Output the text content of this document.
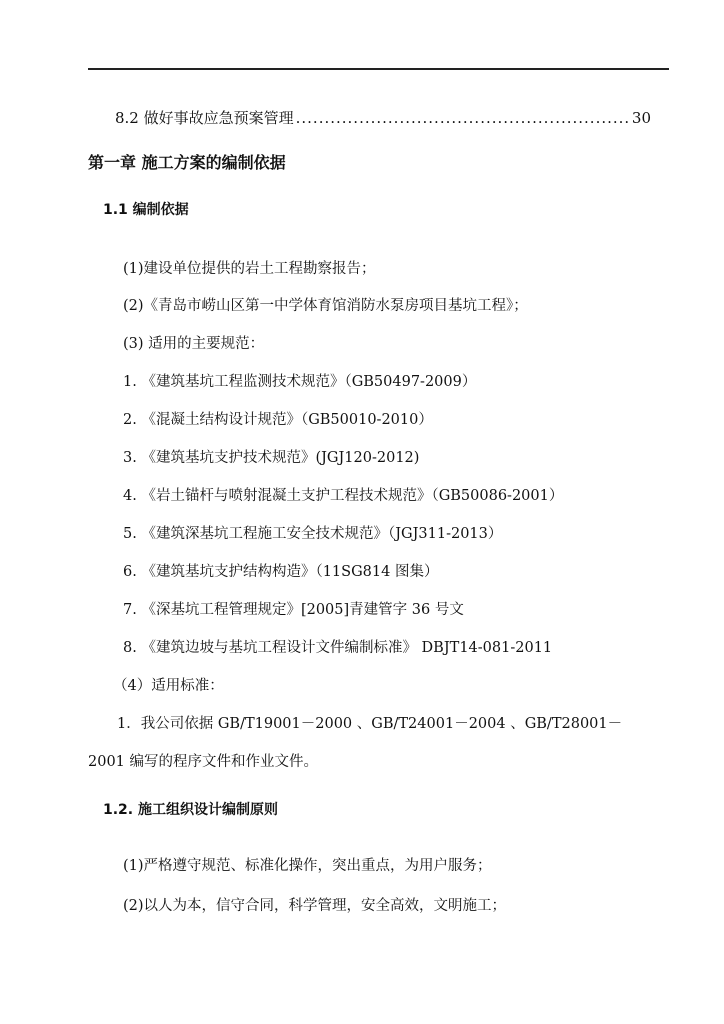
8.2 做好事故应急预案管理
.....	30
第一章 施工方案的编制依据
1.1 编制依据
(1)建设单位提供的岩土工程勘察报告；
(2)《青岛市崂山区第一中学体育馆消防水泵房项目基坑工程》；
(3) 适用的主要规范：
1. 《建筑基坑工程监测技术规范》（GB50497-2009）
2. 《混凝土结构设计规范》（GB50010-2010）
3. 《建筑基坑支护技术规范》(JGJ120-2012)
4. 《岩土锚杆与喷射混凝土支护工程技术规范》（GB50086-2001）
5. 《建筑深基坑工程施工安全技术规范》（JGJ311-2013）
6. 《建筑基坑支护结构构造》（11SG814 图集）
7. 《深基坑工程管理规定》[2005]青建管字 36 号文
8. 《建筑边坡与基坑工程设计文件编制标准》 DBJT14-081-2011
（4）适用标准：
1．我公司依据 GB/T19001－2000 、GB/T24001－2004 、GB/T28001－
2001 编写的程序文件和作业文件。
1.2. 施工组织设计编制原则
(1)严格遵守规范、标准化操作，突出重点，为用户服务；
(2)以人为本，信守合同，科学管理，安全高效，文明施工；
